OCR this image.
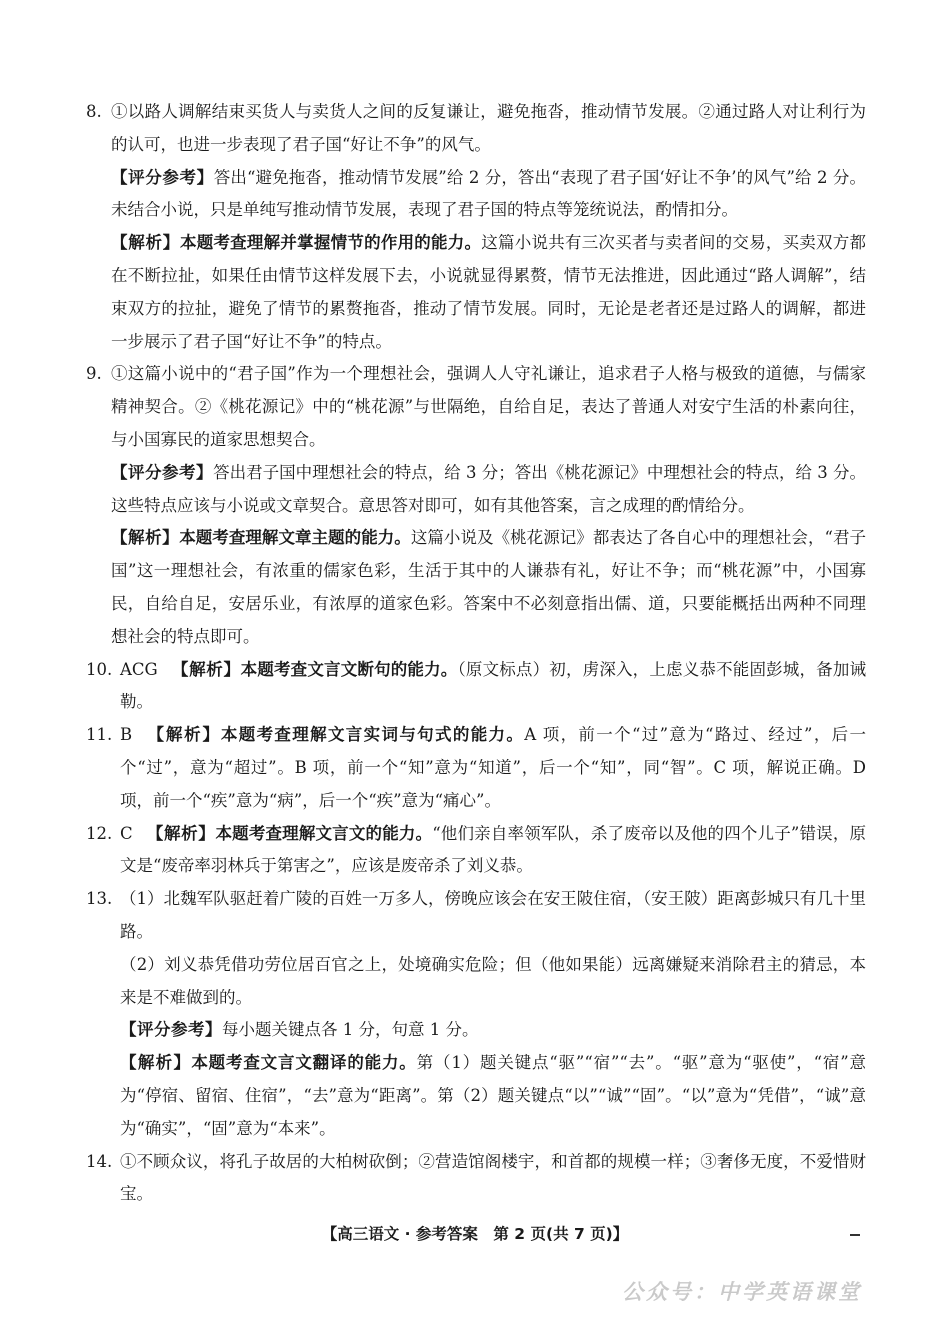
8. ①以路人调解结束买货人与卖货人之间的反复谦让，避免拖沓，推动情节发展。②通过路人对让利行为的认可，也进一步表现了君子国“好让不争”的风气。

【评分参考】答出“避免拖沓，推动情节发展”给 2 分，答出“表现了君子国‘好让不争’的风气”给 2 分。未结合小说，只是单纯写推动情节发展，表现了君子国的特点等笼统说法，酌情扣分。

【解析】本题考查理解并掌握情节的作用的能力。这篇小说共有三次买者与卖者间的交易，买卖双方都在不断拉扯，如果任由情节这样发展下去，小说就显得累赘，情节无法推进，因此通过“路人调解”，结束双方的拉扯，避免了情节的累赘拖沓，推动了情节发展。同时，无论是老者还是过路人的调解，都进一步展示了君子国“好让不争”的特点。

9. ①这篇小说中的“君子国”作为一个理想社会，强调人人守礼谦让，追求君子人格与极致的道德，与儒家精神契合。②《桃花源记》中的“桃花源”与世隔绝，自给自足，表达了普通人对安宁生活的朴素向往，与小国寡民的道家思想契合。

【评分参考】答出君子国中理想社会的特点，给 3 分；答出《桃花源记》中理想社会的特点，给 3 分。这些特点应该与小说或文章契合。意思答对即可，如有其他答案，言之成理的酌情给分。

【解析】本题考查理解文章主题的能力。这篇小说及《桃花源记》都表达了各自心中的理想社会，“君子国”这一理想社会，有浓重的儒家色彩，生活于其中的人谦恭有礼，好让不争；而“桃花源”中，小国寡民，自给自足，安居乐业，有浓厚的道家色彩。答案中不必刻意指出儒、道，只要能概括出两种不同理想社会的特点即可。

10. ACG 【解析】本题考查文言文断句的能力。（原文标点）初，虏深入，上虑义恭不能固彭城，备加诫勒。

11. B 【解析】本题考查理解文言实词与句式的能力。A 项，前一个“过”意为“路过、经过”，后一个“过”，意为“超过”。B 项，前一个“知”意为“知道”，后一个“知”，同“智”。C 项，解说正确。D 项，前一个“疾”意为“病”，后一个“疾”意为“痛心”。

12. C 【解析】本题考查理解文言文的能力。“他们亲自率领军队，杀了废帝以及他的四个儿子”错误，原文是“废帝率羽林兵于第害之”，应该是废帝杀了刘义恭。

13. （1）北魏军队驱赶着广陵的百姓一万多人，傍晚应该会在安王陂住宿，（安王陂）距离彭城只有几十里路。

（2）刘义恭凭借功劳位居百官之上，处境确实危险；但（他如果能）远离嫌疑来消除君主的猜忌，本来是不难做到的。

【评分参考】每小题关键点各 1 分，句意 1 分。

【解析】本题考查文言文翻译的能力。第（1）题关键点“驱”“宿”“去”。“驱”意为“驱使”，“宿”意为“停宿、留宿、住宿”，“去”意为“距离”。第（2）题关键点“以”“诚”“固”。“以”意为“凭借”，“诚”意为“确实”，“固”意为“本来”。

14. ①不顾众议，将孔子故居的大柏树砍倒；②营造馆阁楼宇，和首都的规模一样；③奢侈无度，不爱惜财宝。

【高三语文 · 参考答案　第 2 页(共 7 页)】
公众号：中学英语课堂
